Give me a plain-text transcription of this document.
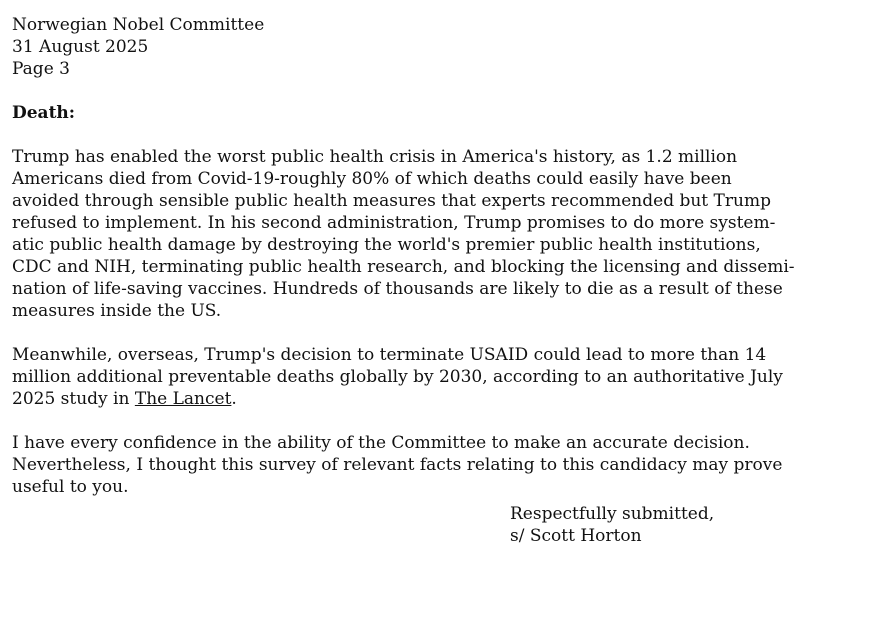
Norwegian Nobel Committee
31 August 2025
Page 3
Death:
Trump has enabled the worst public health crisis in America's history, as 1.2 million
Americans died from Covid-19-roughly 80% of which deaths could easily have been
avoided through sensible public health measures that experts recommended but Trump
refused to implement. In his second administration, Trump promises to do more system-
atic public health damage by destroying the world's premier public health institutions,
CDC and NIH, terminating public health research, and blocking the licensing and dissemi-
nation of life-saving vaccines. Hundreds of thousands are likely to die as a result of these
measures inside the US.
Meanwhile, overseas, Trump's decision to terminate USAID could lead to more than 14
million additional preventable deaths globally by 2030, according to an authoritative July
2025 study in The Lancet.
I have every confidence in the ability of the Committee to make an accurate decision.
Nevertheless, I thought this survey of relevant facts relating to this candidacy may prove
useful to you.
Respectfully submitted,
s/ Scott Horton
